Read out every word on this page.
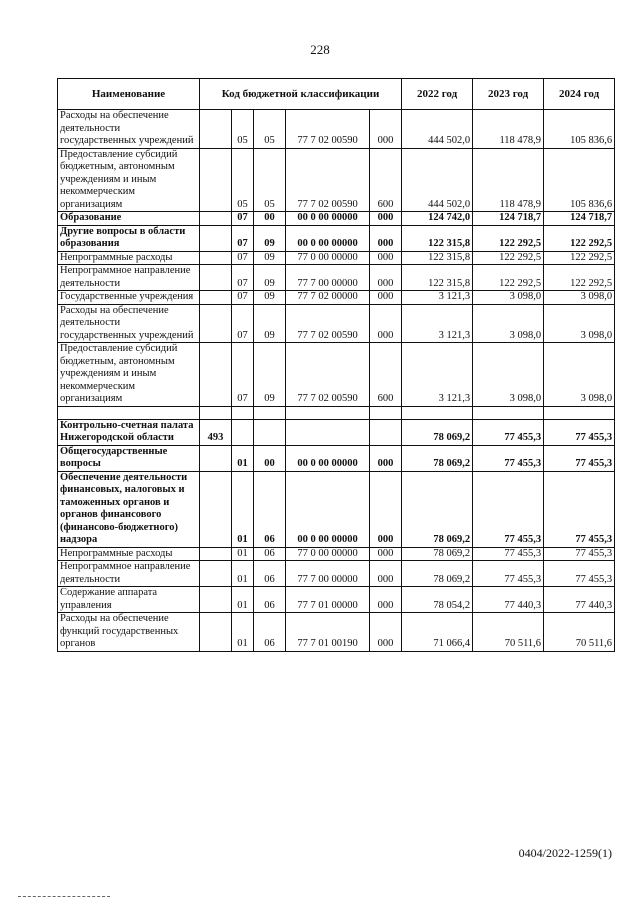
228
Наименование	Код бюджетной классификации					2022 год	2023 год	2024 год
Расходы на обеспечение деятельности государственных учреждений		05	05	77 7 02 00590	000	444 502,0	118 478,9	105 836,6
Предоставление субсидий бюджетным, автономным учреждениям и иным некоммерческим организациям		05	05	77 7 02 00590	600	444 502,0	118 478,9	105 836,6
Образование		07	00	00 0 00 00000	000	124 742,0	124 718,7	124 718,7
Другие вопросы в области образования		07	09	00 0 00 00000	000	122 315,8	122 292,5	122 292,5
Непрограммные расходы		07	09	77 0 00 00000	000	122 315,8	122 292,5	122 292,5
Непрограммное направление деятельности		07	09	77 7 00 00000	000	122 315,8	122 292,5	122 292,5
Государственные учреждения		07	09	77 7 02 00000	000	3 121,3	3 098,0	3 098,0
Расходы на обеспечение деятельности государственных учреждений		07	09	77 7 02 00590	000	3 121,3	3 098,0	3 098,0
Предоставление субсидий бюджетным, автономным учреждениям и иным некоммерческим организациям		07	09	77 7 02 00590	600	3 121,3	3 098,0	3 098,0

Контрольно-счетная палата Нижегородской области	493					78 069,2	77 455,3	77 455,3
Общегосударственные вопросы		01	00	00 0 00 00000	000	78 069,2	77 455,3	77 455,3
Обеспечение деятельности финансовых, налоговых и таможенных органов и органов финансового (финансово-бюджетного) надзора		01	06	00 0 00 00000	000	78 069,2	77 455,3	77 455,3
Непрограммные расходы		01	06	77 0 00 00000	000	78 069,2	77 455,3	77 455,3
Непрограммное направление деятельности		01	06	77 7 00 00000	000	78 069,2	77 455,3	77 455,3
Содержание аппарата управления		01	06	77 7 01 00000	000	78 054,2	77 440,3	77 440,3
Расходы на обеспечение функций государственных органов		01	06	77 7 01 00190	000	71 066,4	70 511,6	70 511,6
0404/2022-1259(1)
